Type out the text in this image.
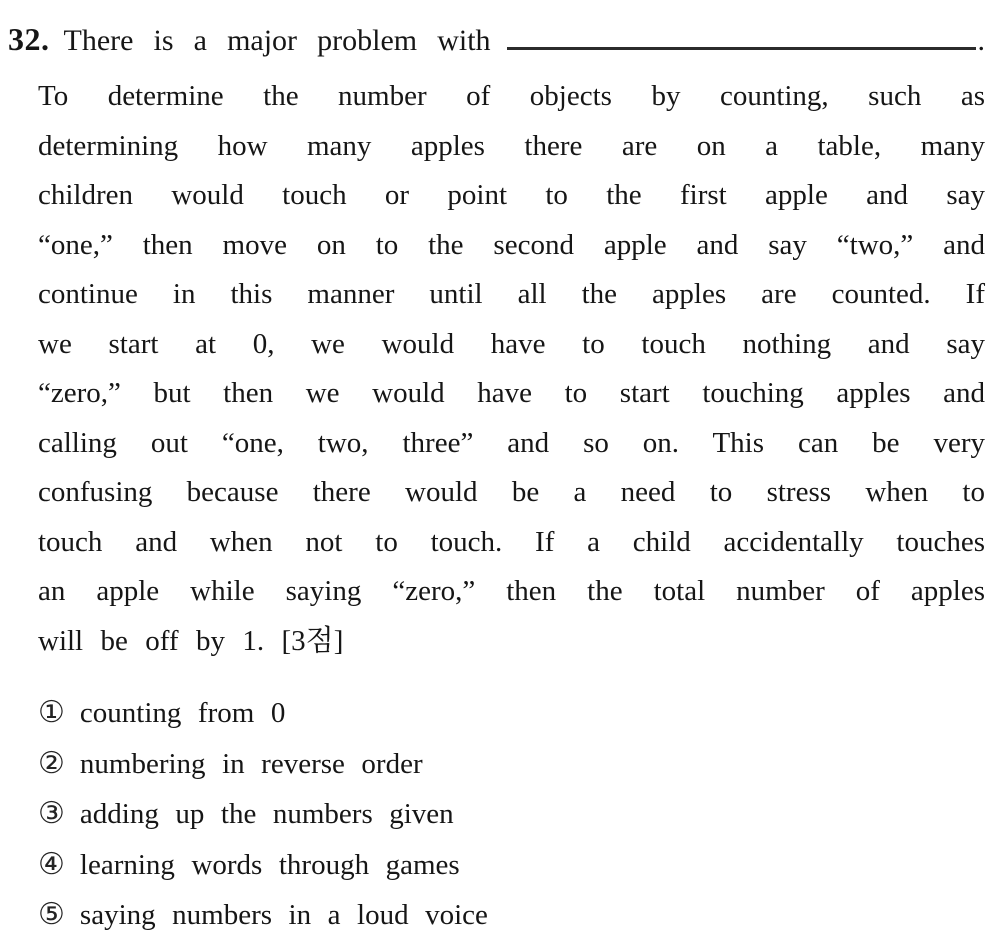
32. There is a major problem with	.
To determine the number of objects by counting, such as
determining how many apples there are on a table, many
children would touch or point to the first apple and say
“one,” then move on to the second apple and say “two,” and
continue in this manner until all the apples are counted. If
we start at 0, we would have to touch nothing and say
“zero,” but then we would have to start touching apples and
calling out “one, two, three” and so on. This can be very
confusing because there would be a need to stress when to
touch and when not to touch. If a child accidentally touches
an apple while saying “zero,” then the total number of apples
will be off by 1. [3점]
① counting from 0
② numbering in reverse order
③ adding up the numbers given
④ learning words through games
⑤ saying numbers in a loud voice
